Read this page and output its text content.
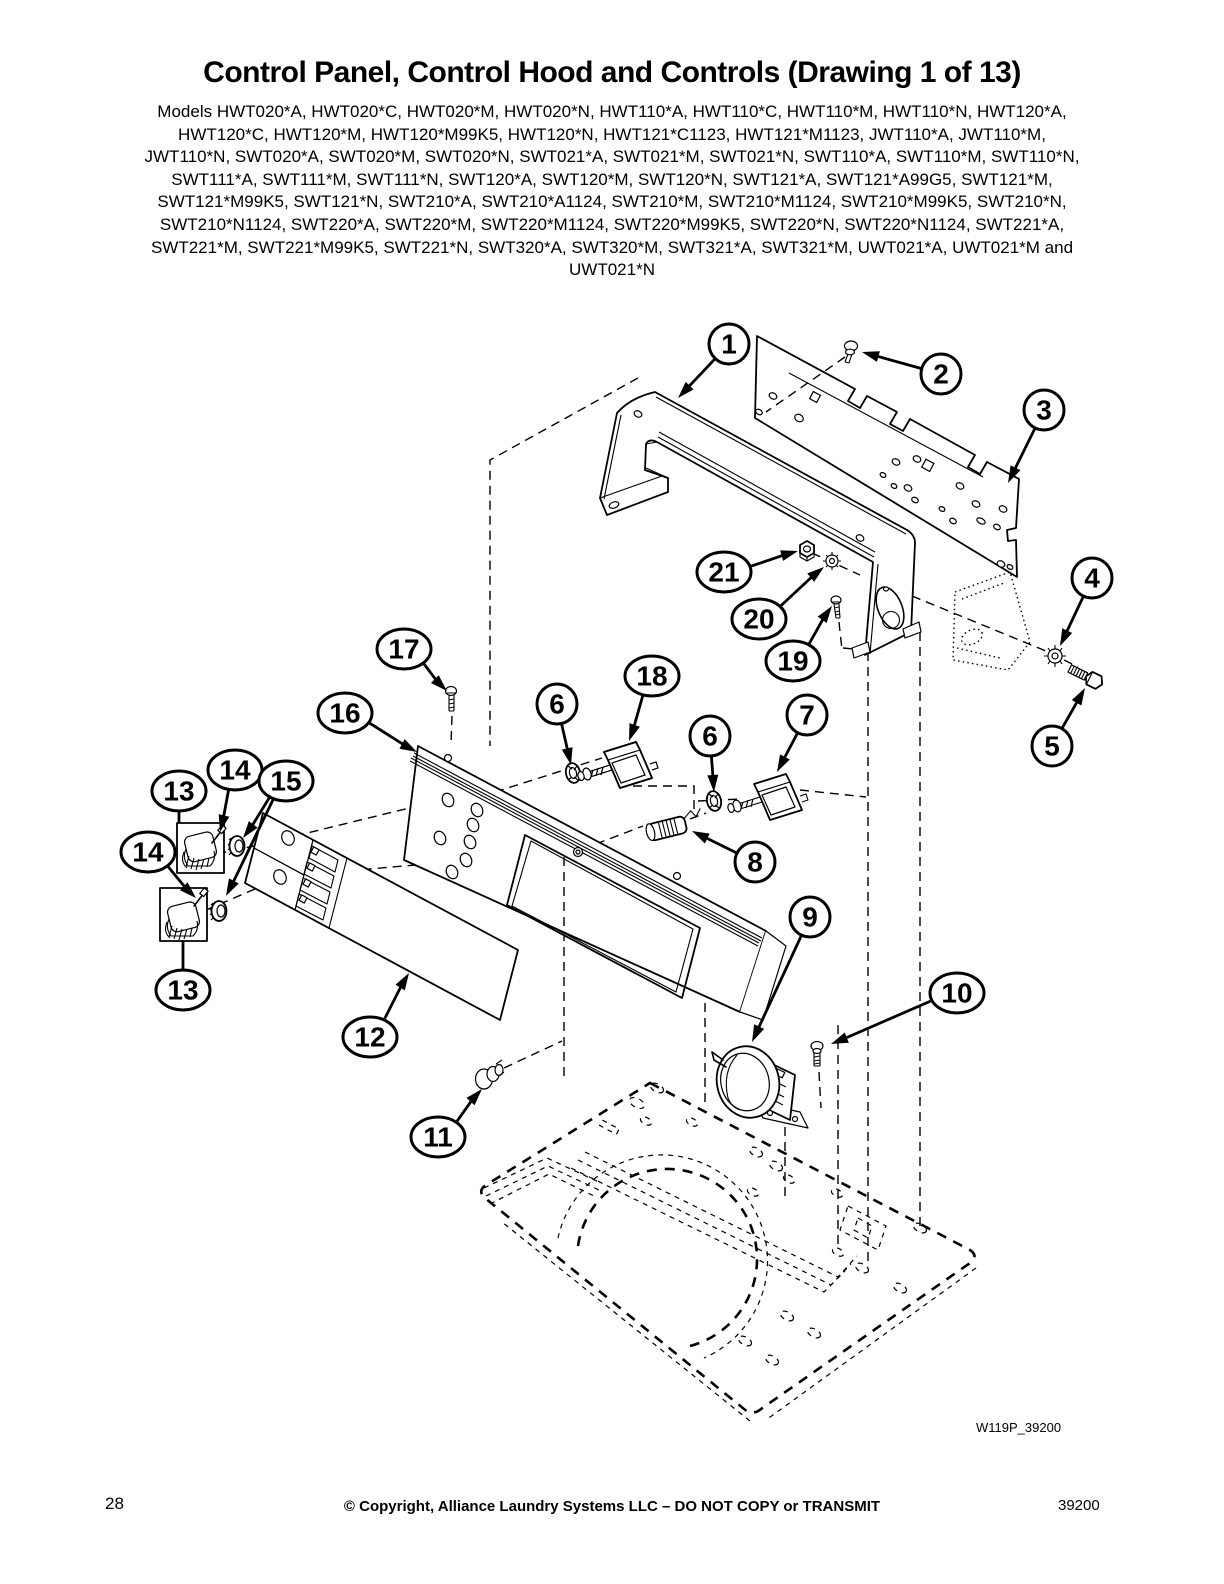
Control Panel, Control Hood and Controls (Drawing 1 of 13)
Models HWT020*A, HWT020*C, HWT020*M, HWT020*N, HWT110*A, HWT110*C, HWT110*M, HWT110*N, HWT120*A,
HWT120*C, HWT120*M, HWT120*M99K5, HWT120*N, HWT121*C1123, HWT121*M1123, JWT110*A, JWT110*M,
JWT110*N, SWT020*A, SWT020*M, SWT020*N, SWT021*A, SWT021*M, SWT021*N, SWT110*A, SWT110*M, SWT110*N,
SWT111*A, SWT111*M, SWT111*N, SWT120*A, SWT120*M, SWT120*N, SWT121*A, SWT121*A99G5, SWT121*M,
SWT121*M99K5, SWT121*N, SWT210*A, SWT210*A1124, SWT210*M, SWT210*M1124, SWT210*M99K5, SWT210*N,
SWT210*N1124, SWT220*A, SWT220*M, SWT220*M1124, SWT220*M99K5, SWT220*N, SWT220*N1124, SWT221*A,
SWT221*M, SWT221*M99K5, SWT221*N, SWT320*A, SWT320*M, SWT321*A, SWT321*M, UWT021*A, UWT021*M and
UWT021*N
1
2
3
4
5
6
6
7
8
9
10
11
12
13
13
14
14
15
16
17
18	19
20
21
W119P_39200
28	© Copyright, Alliance Laundry Systems LLC – DO NOT COPY or TRANSMIT	39200
